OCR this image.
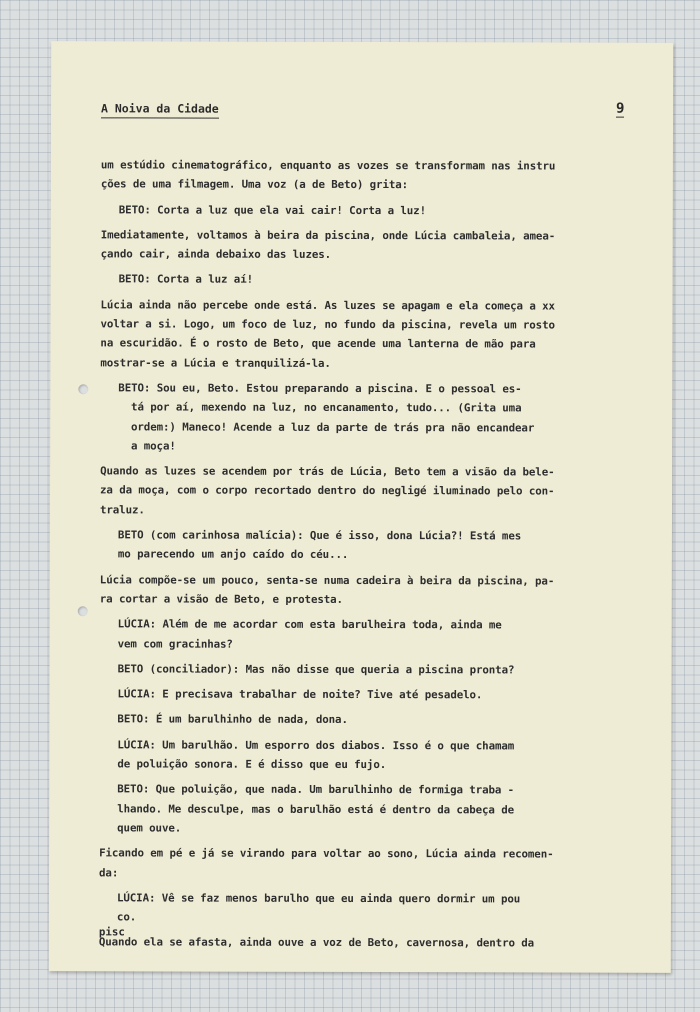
A Noiva da Cidade	9
um estúdio cinematográfico, enquanto as vozes se transformam nas instru
ções de uma filmagem. Uma voz (a de Beto) grita:
BETO: Corta a luz que ela vai cair! Corta a luz!
Imediatamente, voltamos à beira da piscina, onde Lúcia cambaleia, amea-
çando cair, ainda debaixo das luzes.
BETO: Corta a luz aí!
Lúcia ainda não percebe onde está. As luzes se apagam e ela começa a xx
voltar a si. Logo, um foco de luz, no fundo da piscina, revela um rosto
na escuridão. É o rosto de Beto, que acende uma lanterna de mão para
mostrar-se a Lúcia e tranquilizá-la.
BETO: Sou eu, Beto. Estou preparando a piscina. E o pessoal es-
tá por aí, mexendo na luz, no encanamento, tudo... (Grita uma
ordem:) Maneco! Acende a luz da parte de trás pra não encandear
a moça!
Quando as luzes se acendem por trás de Lúcia, Beto tem a visão da bele-
za da moça, com o corpo recortado dentro do negligé iluminado pelo con-
traluz.
BETO (com carinhosa malícia): Que é isso, dona Lúcia?! Está mes
mo parecendo um anjo caído do céu...
Lúcia compõe-se um pouco, senta-se numa cadeira à beira da piscina, pa-
ra cortar a visão de Beto, e protesta.
LÚCIA: Além de me acordar com esta barulheira toda, ainda me
vem com gracinhas?
BETO (conciliador): Mas não disse que queria a piscina pronta?
LÚCIA: E precisava trabalhar de noite? Tive até pesadelo.
BETO: É um barulhinho de nada, dona.
LÚCIA: Um barulhão. Um esporro dos diabos. Isso é o que chamam
de poluição sonora. E é disso que eu fujo.
BETO: Que poluição, que nada. Um barulhinho de formiga traba -
lhando. Me desculpe, mas o barulhão está é dentro da cabeça de
quem ouve.
Ficando em pé e já se virando para voltar ao sono, Lúcia ainda recomen-
da:
LÚCIA: Vê se faz menos barulho que eu ainda quero dormir um pou
co.
Quando ela se afasta, ainda ouve a voz de Beto, cavernosa, dentro da
pisc
